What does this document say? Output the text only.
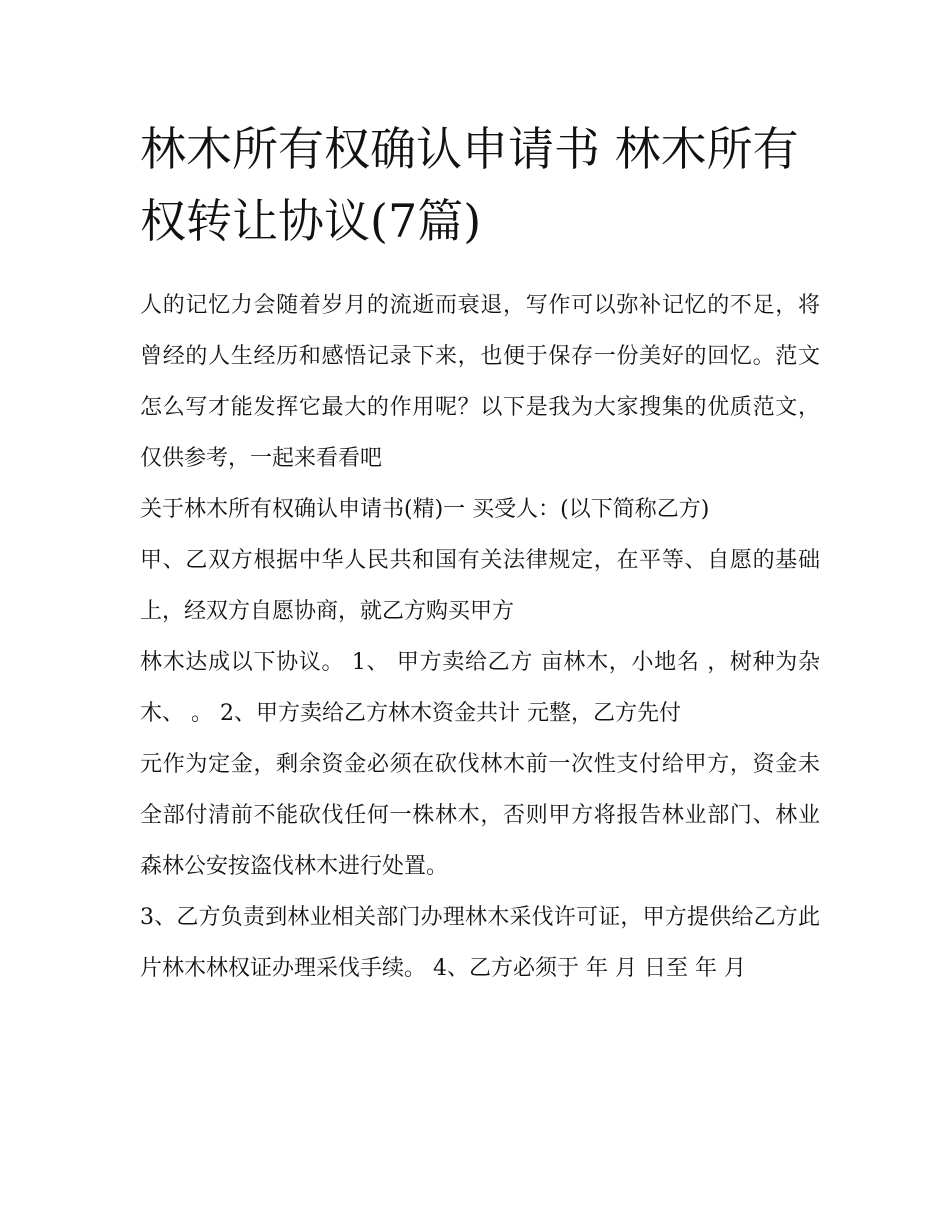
林木所有权确认申请书 林木所有权转让协议(7篇)

人的记忆力会随着岁月的流逝而衰退，写作可以弥补记忆的不足，将曾经的人生经历和感悟记录下来，也便于保存一份美好的回忆。范文怎么写才能发挥它最大的作用呢？以下是我为大家搜集的优质范文，仅供参考，一起来看看吧

关于林木所有权确认申请书(精)一 买受人：(以下简称乙方)

甲、乙双方根据中华人民共和国有关法律规定，在平等、自愿的基础上，经双方自愿协商，就乙方购买甲方

林木达成以下协议。 1、 甲方卖给乙方 亩林木，小地名 ，树种为杂木、 。 2、甲方卖给乙方林木资金共计 元整，乙方先付

元作为定金，剩余资金必须在砍伐林木前一次性支付给甲方，资金未全部付清前不能砍伐任何一株林木，否则甲方将报告林业部门、林业森林公安按盗伐林木进行处置。

3、乙方负责到林业相关部门办理林木采伐许可证，甲方提供给乙方此片林木林权证办理采伐手续。 4、乙方必须于 年 月 日至 年 月
